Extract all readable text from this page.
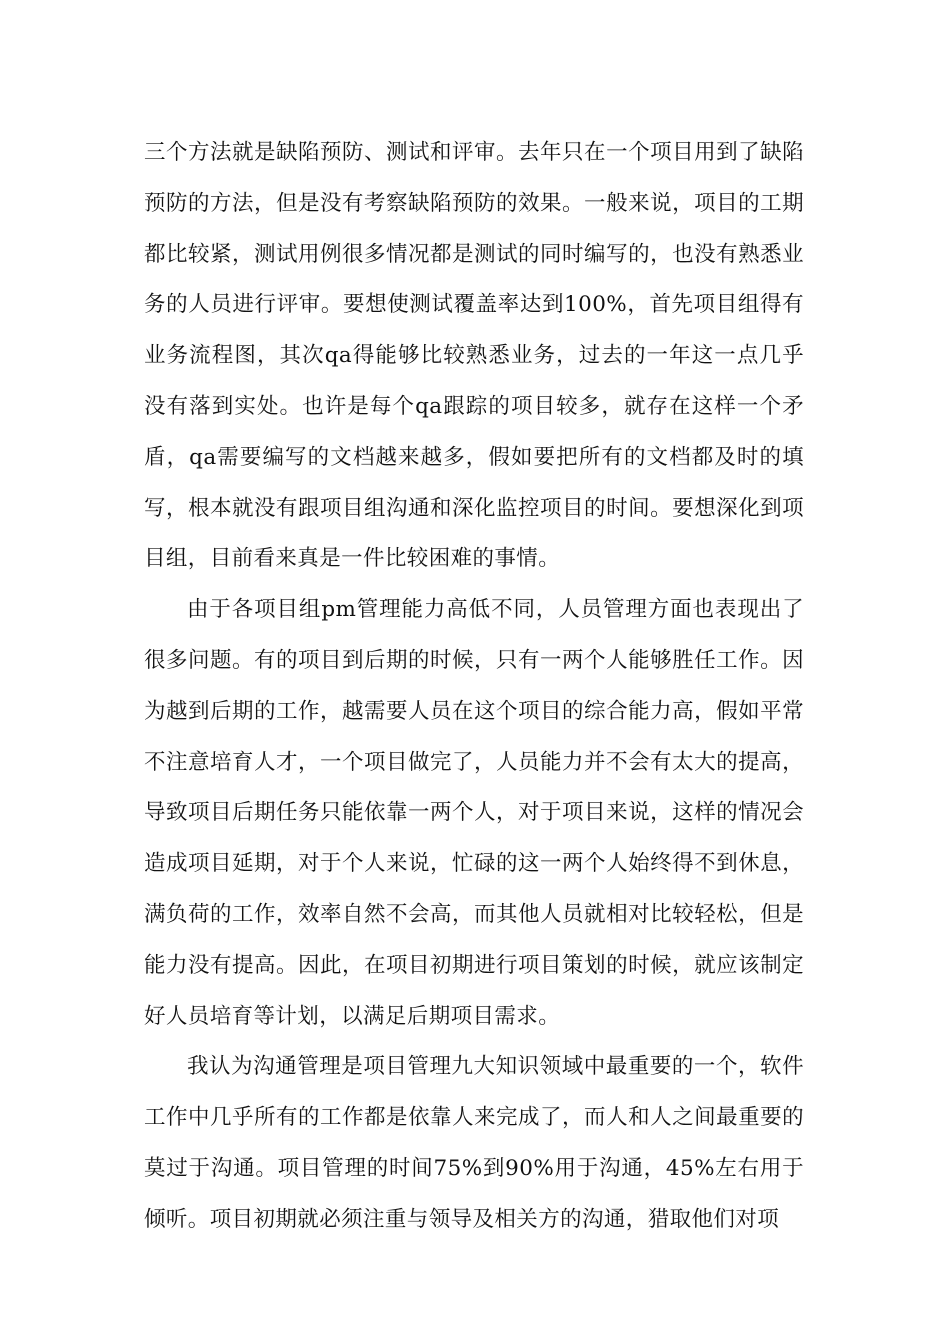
三个方法就是缺陷预防、测试和评审。去年只在一个项目用到了缺陷预防的方法，但是没有考察缺陷预防的效果。一般来说，项目的工期都比较紧，测试用例很多情况都是测试的同时编写的，也没有熟悉业务的人员进行评审。要想使测试覆盖率达到100%，首先项目组得有业务流程图，其次qa得能够比较熟悉业务，过去的一年这一点几乎没有落到实处。也许是每个qa跟踪的项目较多，就存在这样一个矛盾，qa需要编写的文档越来越多，假如要把所有的文档都及时的填写，根本就没有跟项目组沟通和深化监控项目的时间。要想深化到项目组，目前看来真是一件比较困难的事情。

由于各项目组pm管理能力高低不同，人员管理方面也表现出了很多问题。有的项目到后期的时候，只有一两个人能够胜任工作。因为越到后期的工作，越需要人员在这个项目的综合能力高，假如平常不注意培育人才，一个项目做完了，人员能力并不会有太大的提高，导致项目后期任务只能依靠一两个人，对于项目来说，这样的情况会造成项目延期，对于个人来说，忙碌的这一两个人始终得不到休息，满负荷的工作，效率自然不会高，而其他人员就相对比较轻松，但是能力没有提高。因此，在项目初期进行项目策划的时候，就应该制定好人员培育等计划，以满足后期项目需求。

我认为沟通管理是项目管理九大知识领域中最重要的一个，软件工作中几乎所有的工作都是依靠人来完成了，而人和人之间最重要的莫过于沟通。项目管理的时间75%到90%用于沟通，45%左右用于倾听。项目初期就必须注重与领导及相关方的沟通，猎取他们对项
